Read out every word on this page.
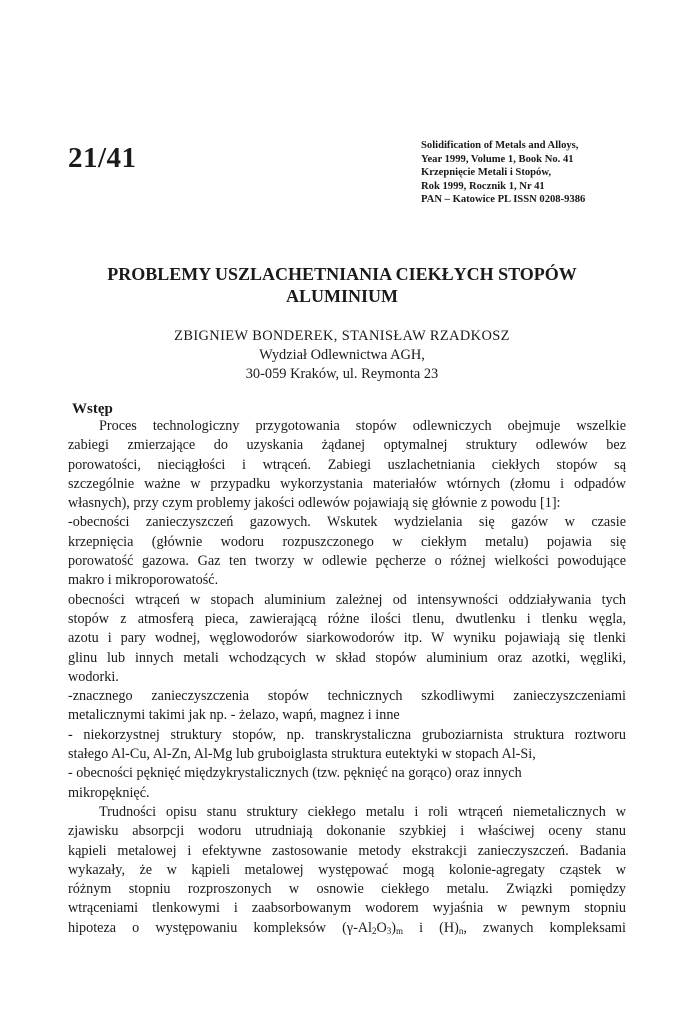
21/41	Solidification of Metals and Alloys,
Year 1999, Volume 1, Book No. 41
Krzepnięcie Metali i Stopów,
Rok 1999, Rocznik 1, Nr 41
PAN – Katowice PL ISSN 0208-9386
PROBLEMY USZLACHETNIANIA CIEKŁYCH STOPÓW
ALUMINIUM
ZBIGNIEW BONDEREK, STANISŁAW RZADKOSZ
Wydział Odlewnictwa AGH,
30-059 Kraków, ul. Reymonta 23
Wstęp
Proces technologiczny przygotowania stopów odlewniczych obejmuje wszelkie
zabiegi zmierzające do uzyskania żądanej optymalnej struktury odlewów bez
porowatości, nieciągłości i wtrąceń. Zabiegi uszlachetniania ciekłych stopów są
szczególnie ważne w przypadku wykorzystania materiałów wtórnych (złomu i odpadów
własnych), przy czym problemy jakości odlewów pojawiają się głównie z powodu [1]:
-obecności zanieczyszczeń gazowych. Wskutek wydzielania się gazów w czasie
krzepnięcia (głównie wodoru rozpuszczonego w ciekłym metalu) pojawia się
porowatość gazowa. Gaz ten tworzy w odlewie pęcherze o różnej wielkości powodujące
makro i mikroporowatość.
obecności wtrąceń w stopach aluminium zależnej od intensywności oddziaływania tych
stopów z atmosferą pieca, zawierającą różne ilości tlenu, dwutlenku i tlenku węgla,
azotu i pary wodnej, węglowodorów siarkowodorów itp. W wyniku pojawiają się tlenki
glinu lub innych metali wchodzących w skład stopów aluminium oraz azotki, węgliki,
wodorki.
-znacznego zanieczyszczenia stopów technicznych szkodliwymi zanieczyszczeniami
metalicznymi takimi jak np. - żelazo, wapń, magnez i inne
- niekorzystnej struktury stopów, np. transkrystaliczna gruboziarnista struktura roztworu
stałego Al-Cu, Al-Zn, Al-Mg lub gruboiglasta struktura eutektyki w stopach Al-Si,
- obecności pęknięć międzykrystalicznych (tzw. pęknięć na gorąco) oraz innych
mikropęknięć.
Trudności opisu stanu struktury ciekłego metalu i roli wtrąceń niemetalicznych w
zjawisku absorpcji wodoru utrudniają dokonanie szybkiej i właściwej oceny stanu
kąpieli metalowej i efektywne zastosowanie metody ekstrakcji zanieczyszczeń. Badania
wykazały, że w kąpieli metalowej występować mogą kolonie-agregaty cząstek w
różnym stopniu rozproszonych w osnowie ciekłego metalu. Związki pomiędzy
wtrąceniami tlenkowymi i zaabsorbowanym wodorem wyjaśnia w pewnym stopniu
hipoteza o występowaniu kompleksów $(\gamma-Al_2O_3)_m$ i $(H)_n$, zwanych kompleksami
